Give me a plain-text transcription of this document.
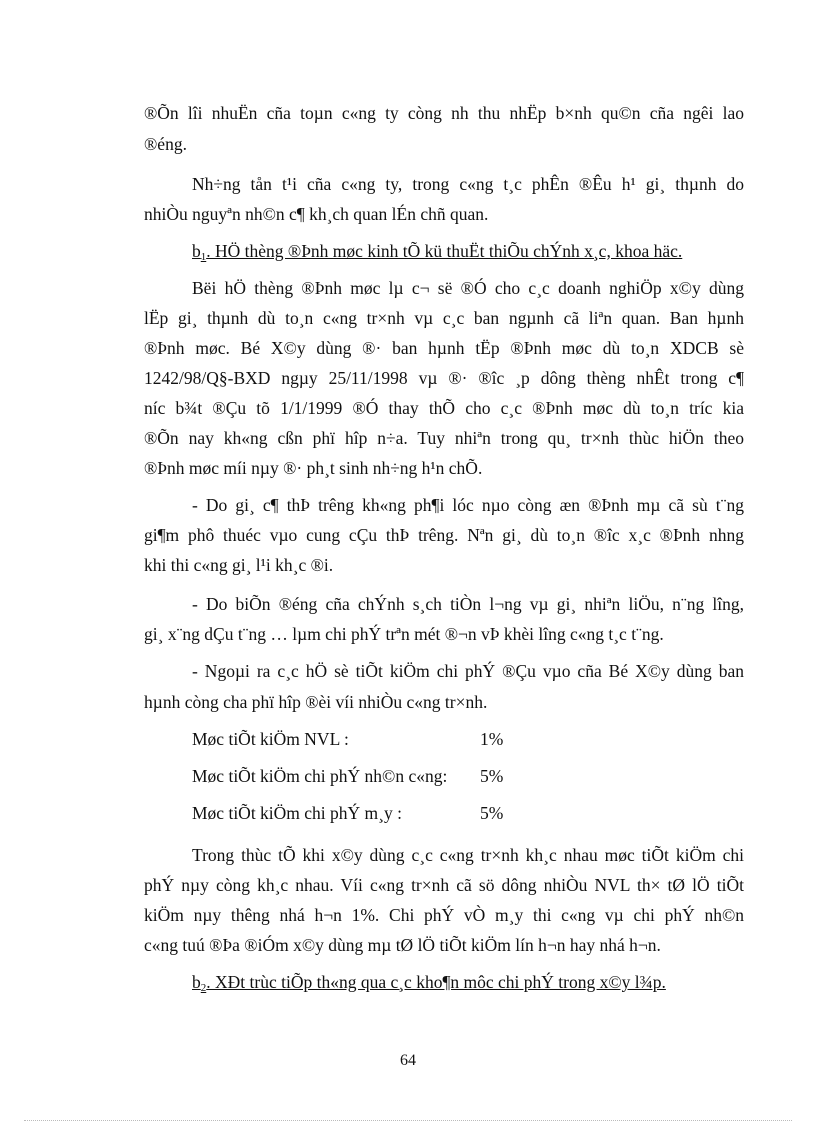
®Õn lîi nhuËn cña toµn c«ng ty còng nh thu nhËp b×nh qu©n cña ngêi lao
®éng.
Nh÷ng tån t¹i cña c«ng ty, trong c«ng t¸c phÊn ®Êu h¹ gi¸ thµnh do
nhiÒu nguyªn nh©n c¶ kh¸ch quan lÉn chñ quan.
$b_1$. HÖ thèng ®Þnh møc kinh tÕ kü thuËt thiÕu chÝnh x¸c, khoa häc.
Bëi hÖ thèng ®Þnh møc lµ c¬ së ®Ó cho c¸c doanh nghiÖp x©y dùng
lËp gi¸ thµnh dù to¸n c«ng tr×nh vµ c¸c ban ngµnh cã liªn quan. Ban hµnh
®Þnh møc. Bé X©y dùng ®· ban hµnh tËp ®Þnh møc dù to¸n XDCB sè
1242/98/Q§-BXD ngµy 25/11/1998 vµ ®· ®îc ¸p dông thèng nhÊt trong c¶
níc b¾t ®Çu tõ 1/1/1999 ®Ó thay thÕ cho c¸c ®Þnh møc dù to¸n tríc kia
®Õn nay kh«ng cßn phï hîp n÷a. Tuy nhiªn trong qu¸ tr×nh thùc hiÖn theo
®Þnh møc míi nµy ®· ph¸t sinh nh÷ng h¹n chÕ.
- Do gi¸ c¶ thÞ trêng kh«ng ph¶i lóc nµo còng æn ®Þnh mµ cã sù t¨ng
gi¶m phô thuéc vµo cung cÇu thÞ trêng. Nªn gi¸ dù to¸n ®îc x¸c ®Þnh nhng
khi thi c«ng gi¸ l¹i kh¸c ®i.
- Do biÕn ®éng cña chÝnh s¸ch tiÒn l¬ng vµ gi¸ nhiªn liÖu, n¨ng lîng,
gi¸ x¨ng dÇu t¨ng … lµm chi phÝ trªn mét ®¬n vÞ khèi lîng c«ng t¸c t¨ng.
- Ngoµi ra c¸c hÖ sè tiÕt kiÖm chi phÝ ®Çu vµo cña Bé X©y dùng ban
hµnh còng cha phï hîp ®èi víi nhiÒu c«ng tr×nh.
Møc tiÕt kiÖm NVL :	1%
Møc tiÕt kiÖm chi phÝ nh©n c«ng: 5%
Møc tiÕt kiÖm chi phÝ m¸y :	5%
Trong thùc tÕ khi x©y dùng c¸c c«ng tr×nh kh¸c nhau møc tiÕt kiÖm chi
phÝ nµy còng kh¸c nhau. Víi c«ng tr×nh cã sö dông nhiÒu NVL th× tØ lÖ tiÕt
kiÖm nµy thêng nhá h¬n 1%. Chi phÝ vÒ m¸y thi c«ng vµ chi phÝ nh©n
c«ng tuú ®Þa ®iÓm x©y dùng mµ tØ lÖ tiÕt kiÖm lín h¬n hay nhá h¬n.
$b_2$. XÐt trùc tiÕp th«ng qua c¸c kho¶n môc chi phÝ trong x©y l¾p.
64
